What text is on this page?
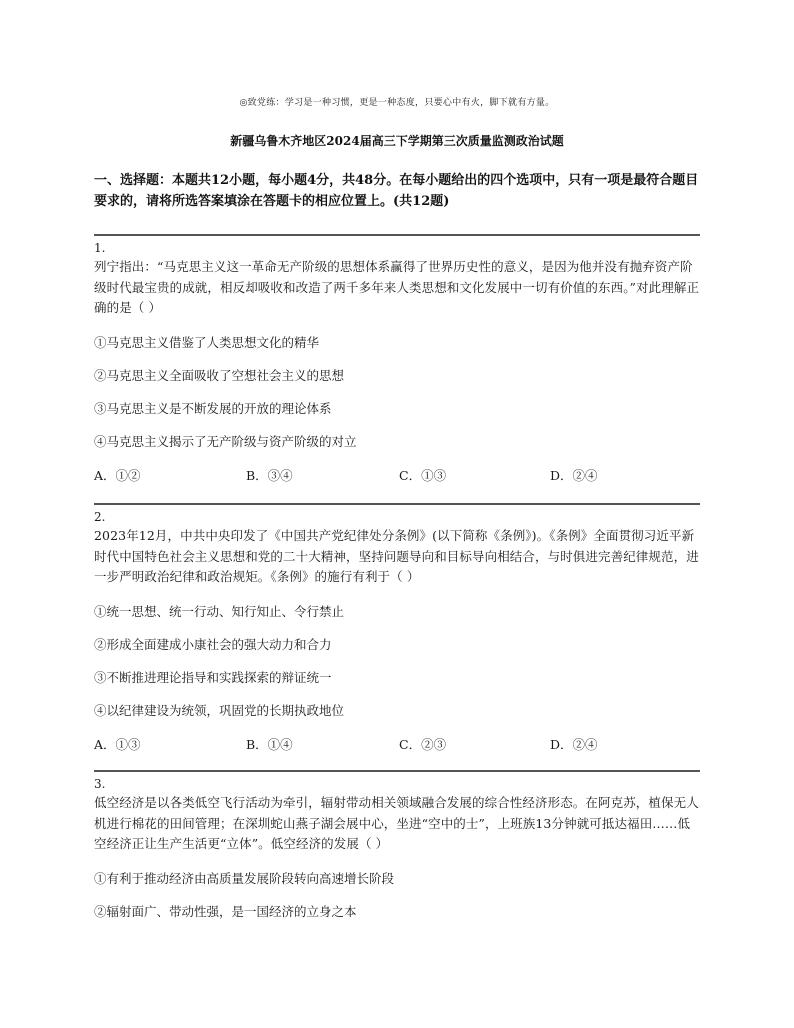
◎致党练：学习是一种习惯，更是一种态度，只要心中有火，脚下就有方量。
新疆乌鲁木齐地区2024届高三下学期第三次质量监测政治试题
一、选择题：本题共12小题，每小题4分，共48分。在每小题给出的四个选项中，只有一项是最符合题目要求的，请将所选答案填涂在答题卡的相应位置上。(共12题)
1.
列宁指出：“马克思主义这一革命无产阶级的思想体系赢得了世界历史性的意义，是因为他并没有抛弃资产阶级时代最宝贵的成就，相反却吸收和改造了两千多年来人类思想和文化发展中一切有价值的东西。”对此理解正确的是（ ）
①马克思主义借鉴了人类思想文化的精华
②马克思主义全面吸收了空想社会主义的思想
③马克思主义是不断发展的开放的理论体系
④马克思主义揭示了无产阶级与资产阶级的对立
A．①②	B．③④	C．①③	D．②④
2.
2023年12月，中共中央印发了《中国共产党纪律处分条例》(以下简称《条例》)。《条例》全面贯彻习近平新时代中国特色社会主义思想和党的二十大精神，坚持问题导向和目标导向相结合，与时俱进完善纪律规范，进一步严明政治纪律和政治规矩。《条例》的施行有利于（ ）
①统一思想、统一行动、知行知止、令行禁止
②形成全面建成小康社会的强大动力和合力
③不断推进理论指导和实践探索的辩证统一
④以纪律建设为统领，巩固党的长期执政地位
A．①③	B．①④	C．②③	D．②④
3.
低空经济是以各类低空飞行活动为牵引，辐射带动相关领域融合发展的综合性经济形态。在阿克苏，植保无人机进行棉花的田间管理；在深圳蛇山燕子湖会展中心，坐进“空中的士”，上班族13分钟就可抵达福田……低空经济正让生产生活更“立体”。低空经济的发展（ ）
①有利于推动经济由高质量发展阶段转向高速增长阶段
②辐射面广、带动性强，是一国经济的立身之本
